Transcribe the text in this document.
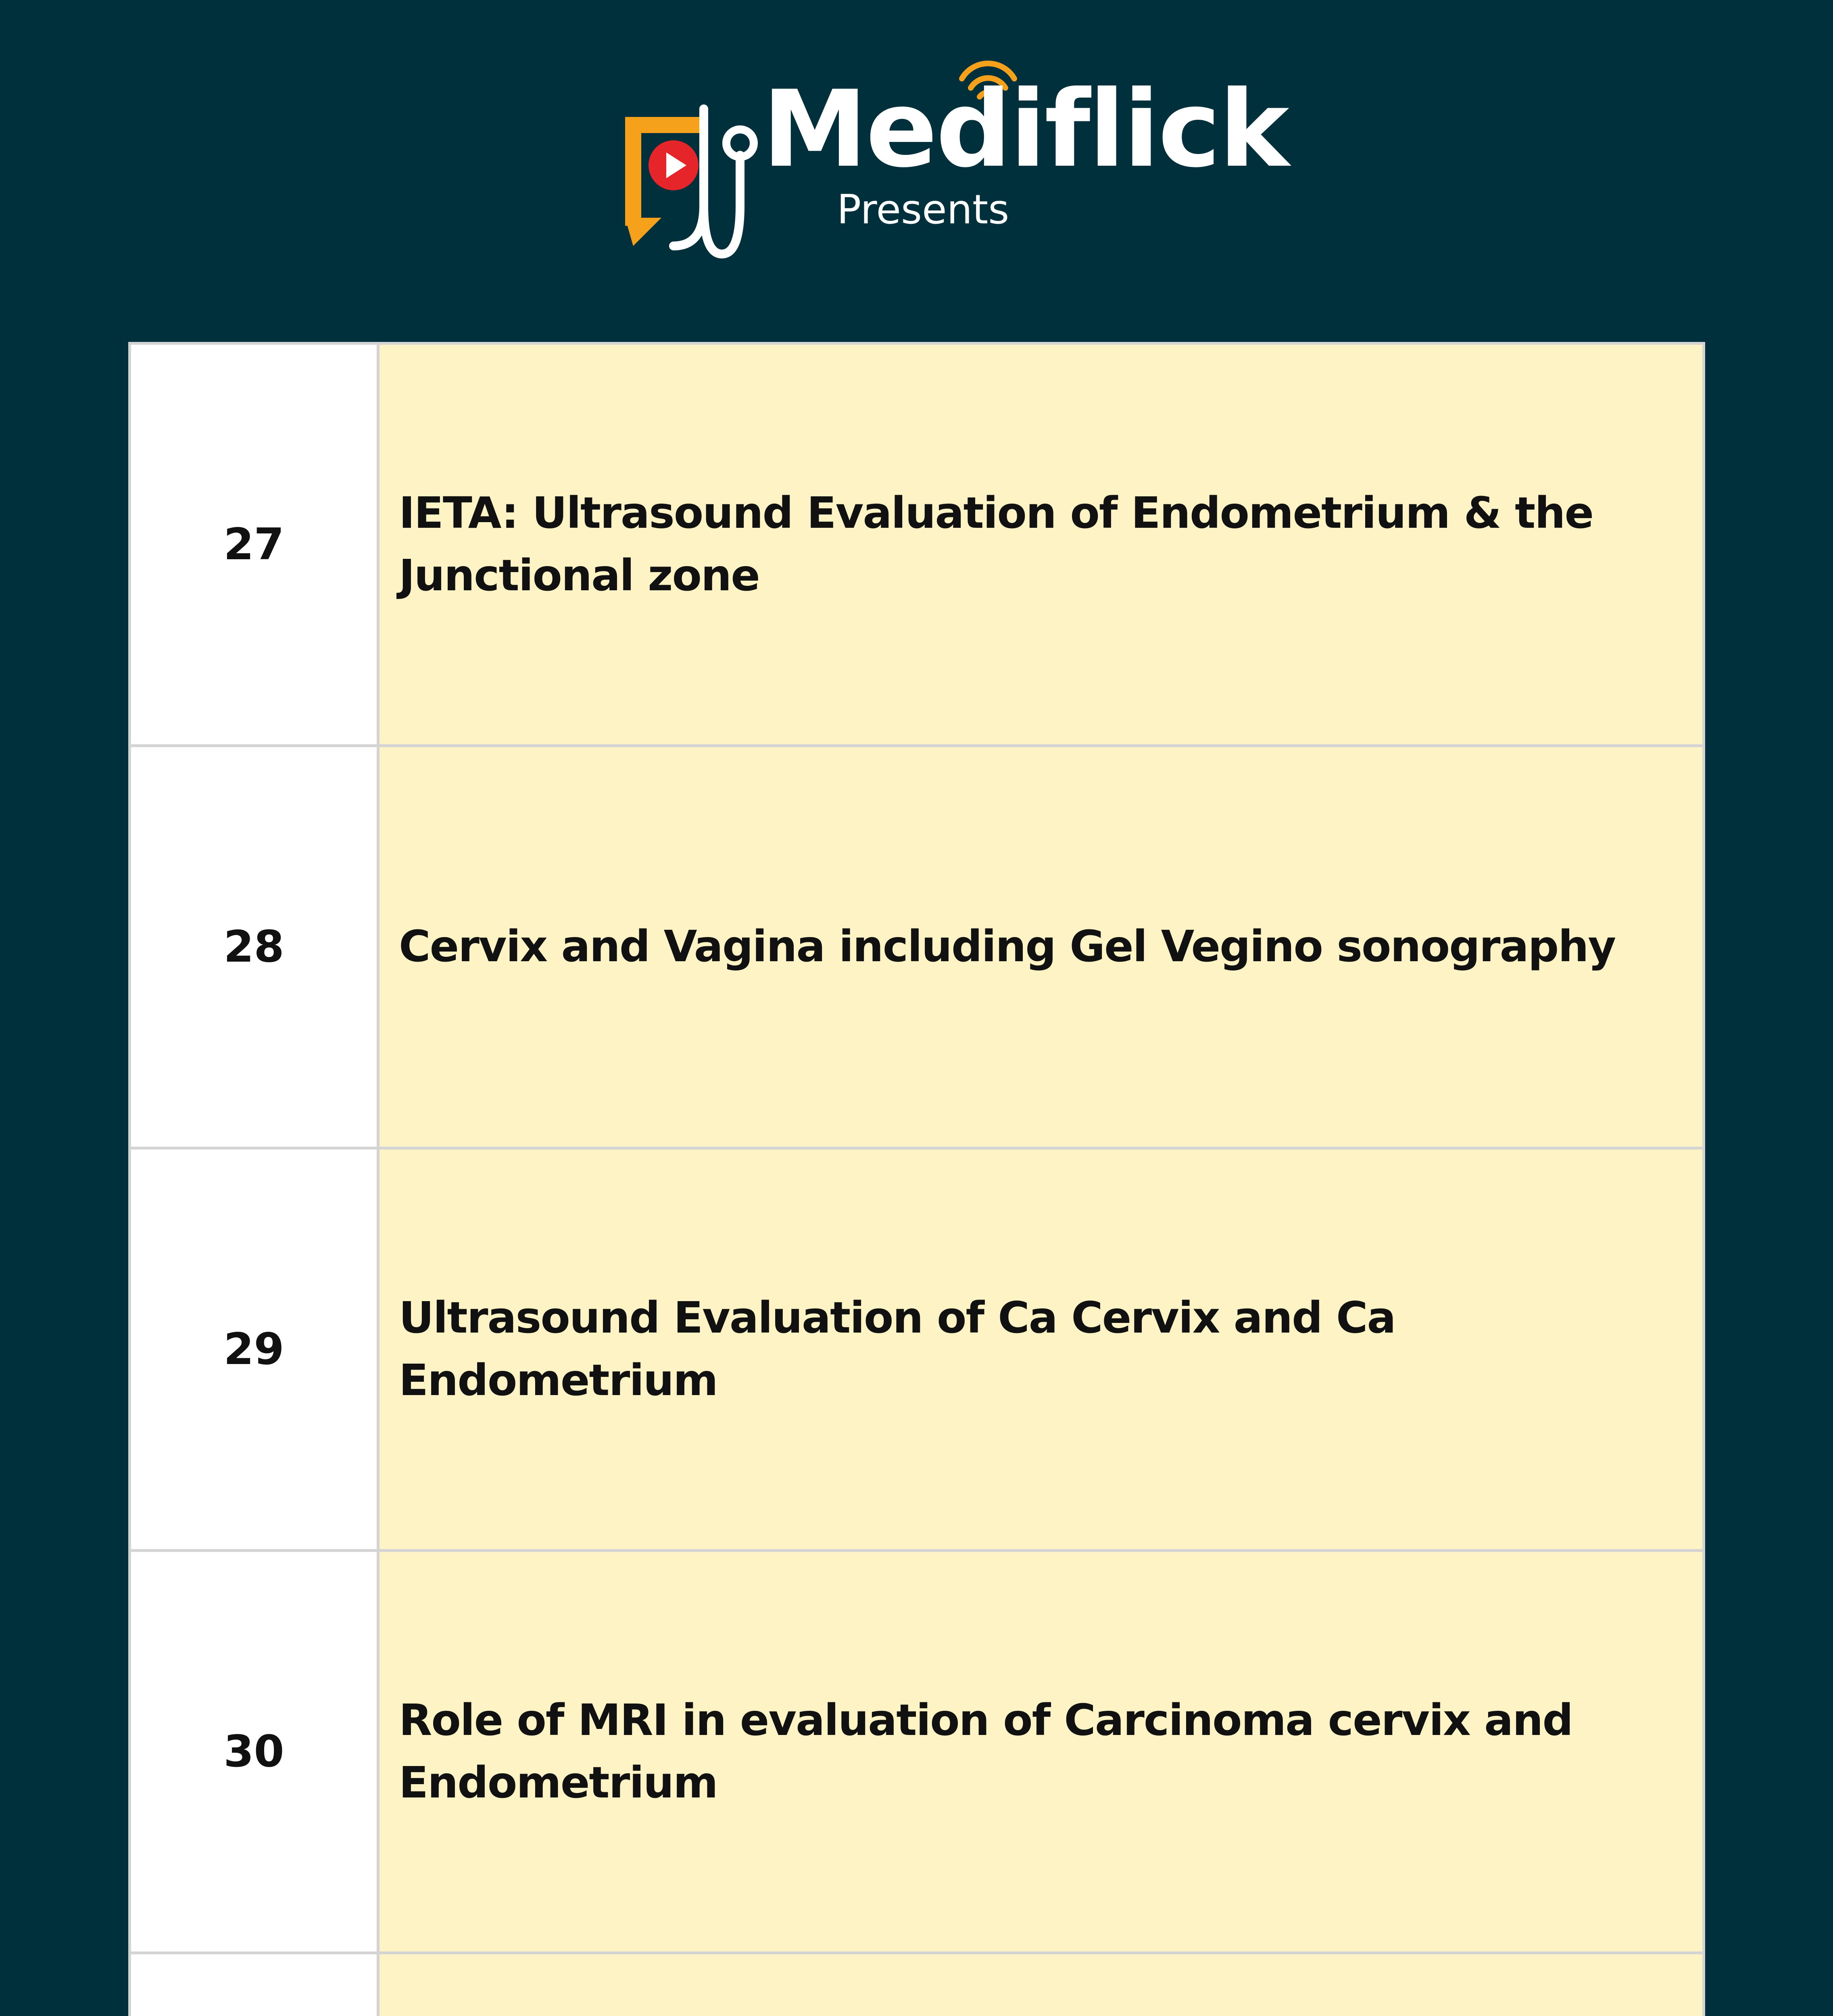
Mediflick
Presents
27
IETA: Ultrasound Evaluation of Endometrium & the Junctional zone
28	Cervix and Vagina including Gel Vegino sonography
29
Ultrasound Evaluation of Ca Cervix and Ca Endometrium
30
Role of MRI in evaluation of Carcinoma cervix and Endometrium
